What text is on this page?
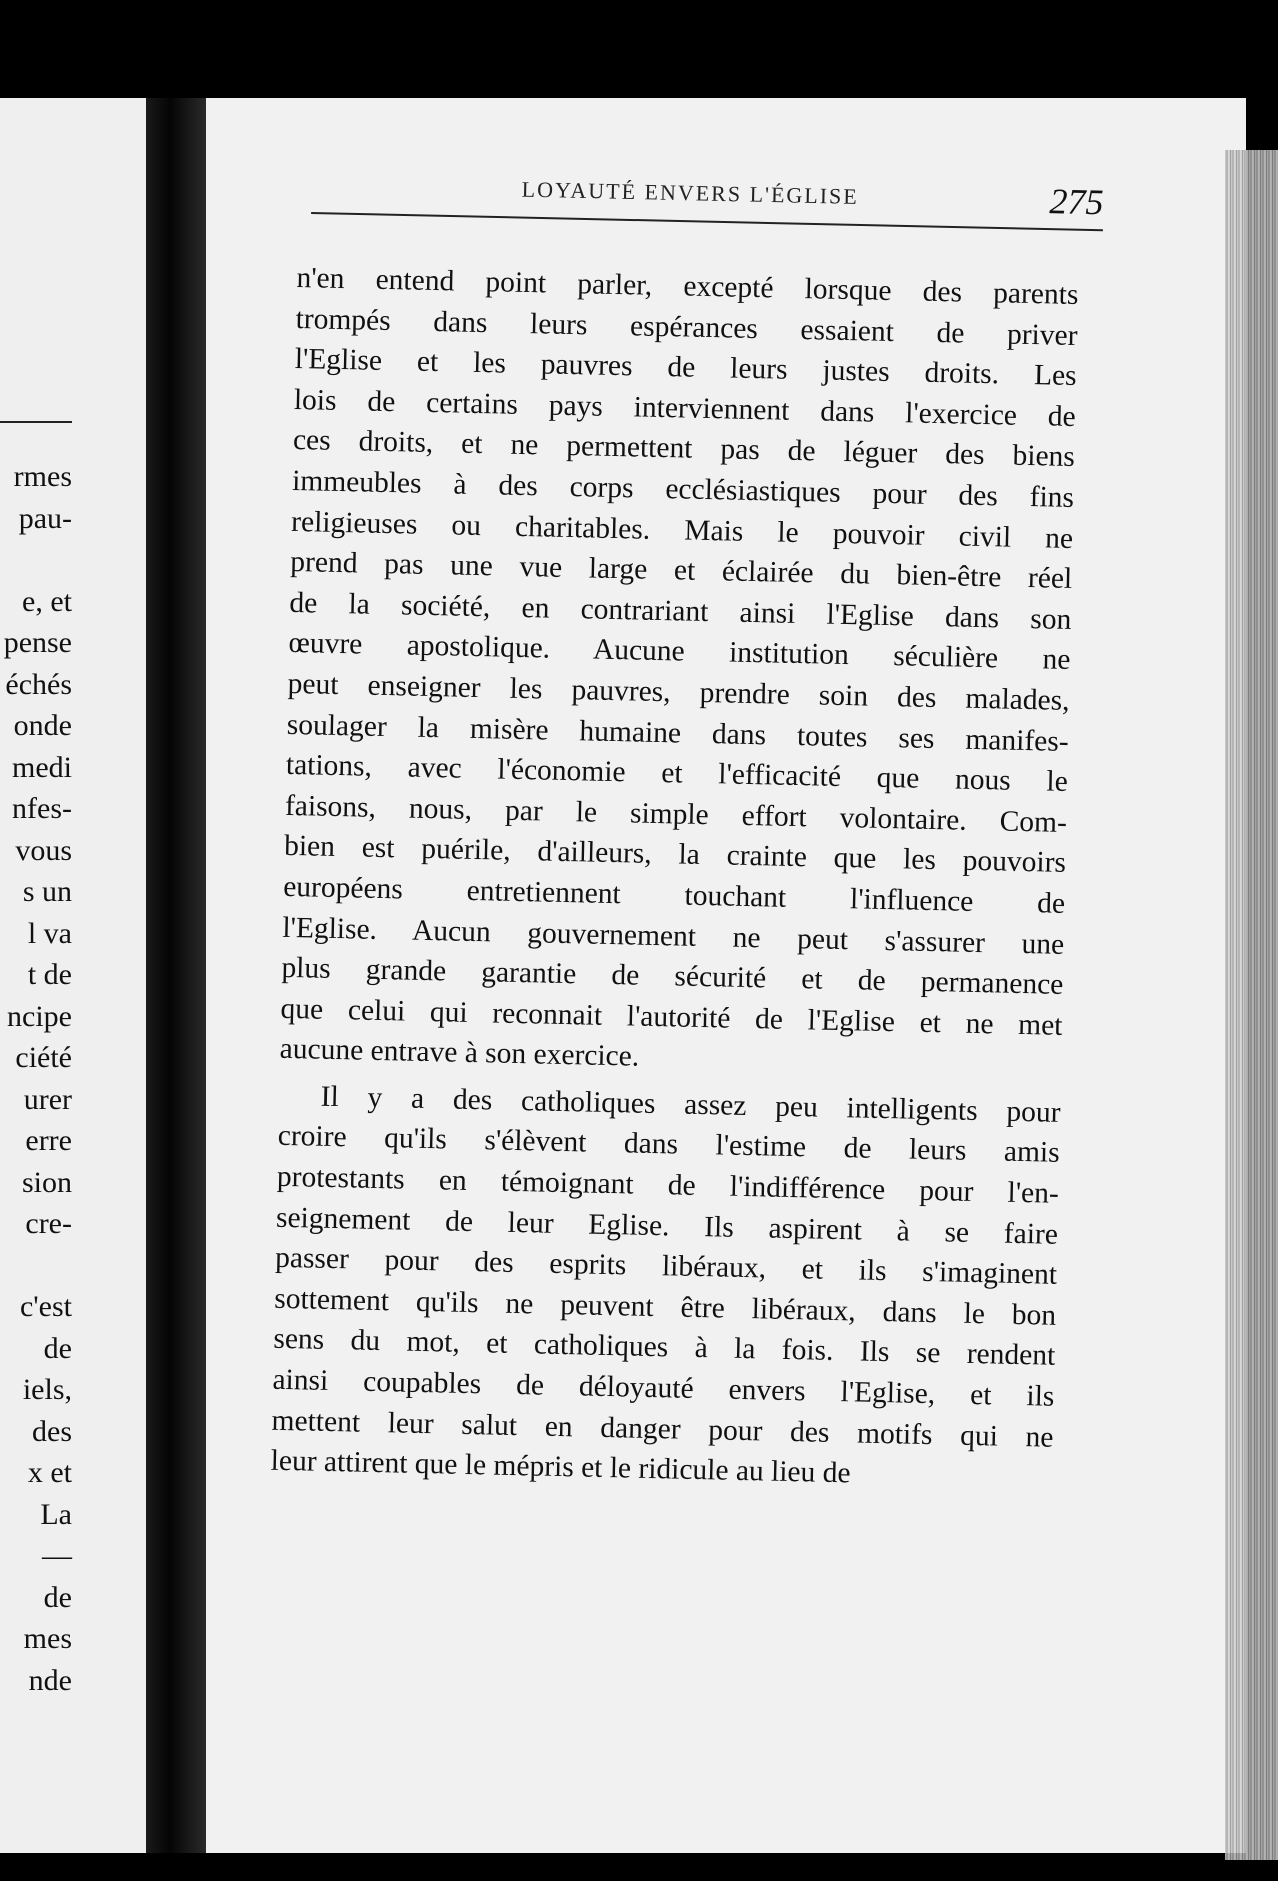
rmes
pau-
e, et
pense
échés
onde
medi
nfes-
vous
s un
l va
t de
ncipe
ciété
urer
erre
sion
cre-
c'est
de
iels,
des
x et
La
—
de
mes
nde
LOYAUTÉ ENVERS L'ÉGLISE	275
n'en entend point parler, excepté lorsque des parents
trompés dans leurs espérances essaient de priver
l'Eglise et les pauvres de leurs justes droits. Les
lois de certains pays interviennent dans l'exercice de
ces droits, et ne permettent pas de léguer des biens
immeubles à des corps ecclésiastiques pour des fins
religieuses ou charitables. Mais le pouvoir civil ne
prend pas une vue large et éclairée du bien-être réel
de la société, en contrariant ainsi l'Eglise dans son
œuvre apostolique. Aucune institution séculière ne
peut enseigner les pauvres, prendre soin des malades,
soulager la misère humaine dans toutes ses manifes-
tations, avec l'économie et l'efficacité que nous le
faisons, nous, par le simple effort volontaire. Com-
bien est puérile, d'ailleurs, la crainte que les pouvoirs
européens entretiennent touchant l'influence de
l'Eglise. Aucun gouvernement ne peut s'assurer une
plus grande garantie de sécurité et de permanence
que celui qui reconnait l'autorité de l'Eglise et ne met
aucune entrave à son exercice.
Il y a des catholiques assez peu intelligents pour
croire qu'ils s'élèvent dans l'estime de leurs amis
protestants en témoignant de l'indifférence pour l'en-
seignement de leur Eglise. Ils aspirent à se faire
passer pour des esprits libéraux, et ils s'imaginent
sottement qu'ils ne peuvent être libéraux, dans le bon
sens du mot, et catholiques à la fois. Ils se rendent
ainsi coupables de déloyauté envers l'Eglise, et ils
mettent leur salut en danger pour des motifs qui ne
leur attirent que le mépris et le ridicule au lieu de
